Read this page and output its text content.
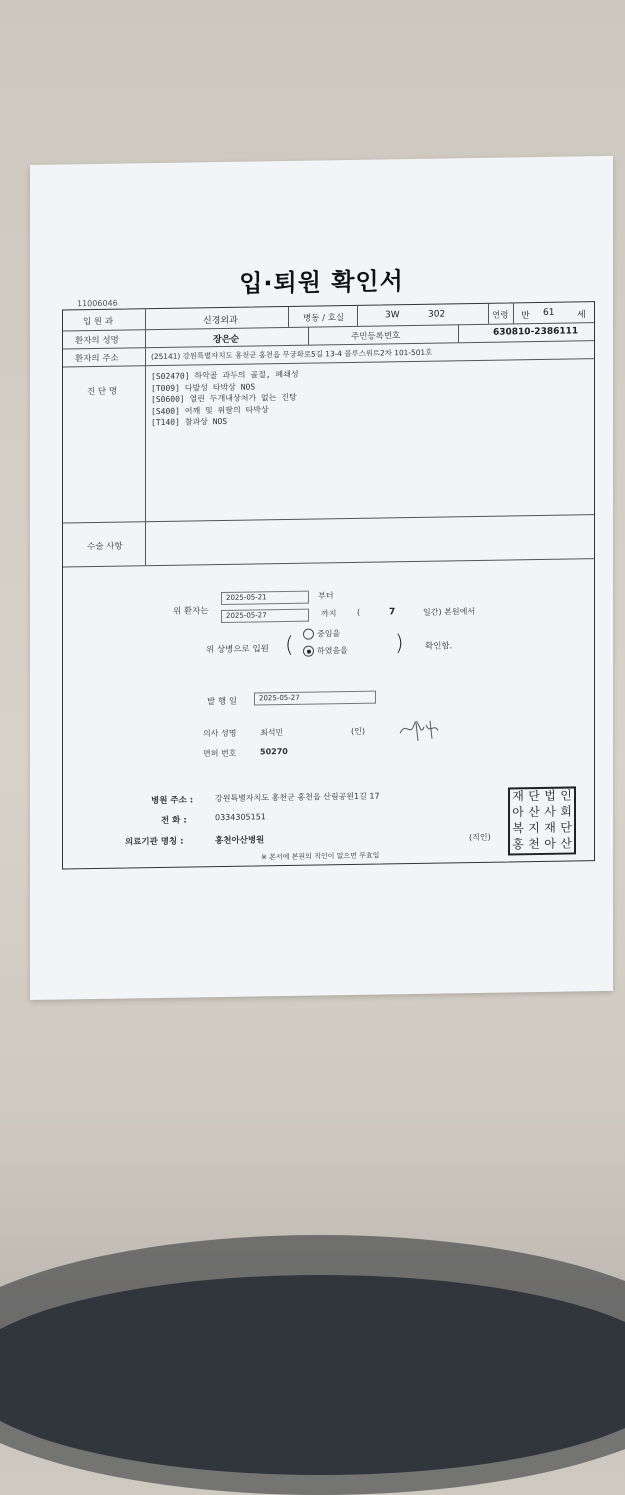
입·퇴원 확인서
11006046
입 원 과	신경외과	병동 / 호실	3W	302	연령 만 61	세
환자의 성명	장은순	주민등록번호	630810-2386111
환자의 주소	(25141) 강원특별자치도 홍천군 홍천읍 무궁화로5길 13-4 블루스위트2차 101-501호
진 단 명
[S02470] 하악골 과두의 골절, 폐쇄성
[T009] 다발성 타박상 NOS
[S0600] 열린 두개내상처가 없는 진탕
[S400] 어깨 및 위팔의 타박상
[T140] 찰과상 NOS
수술 사항
위 환자는
2025-05-21	부터
2025-05-27	까지	(	7	일간) 본원에서
위 상병으로 입원 (	중임을
하였음을 )	확인함.
발 행 일	2025-05-27
의사 성명	최석민	(인)
면허 번호	50270
병원 주소 :	강원특별자치도 홍천군 홍천읍 산림공원1길 17
전 화 :	0334305151
의료기관 명칭 :	홍천아산병원	(직인)
※ 본서에 본원의 직인이 없으면 무효임
재 단 법 인
아 산 사 회
복 지 재 단
홍 천 아 산
